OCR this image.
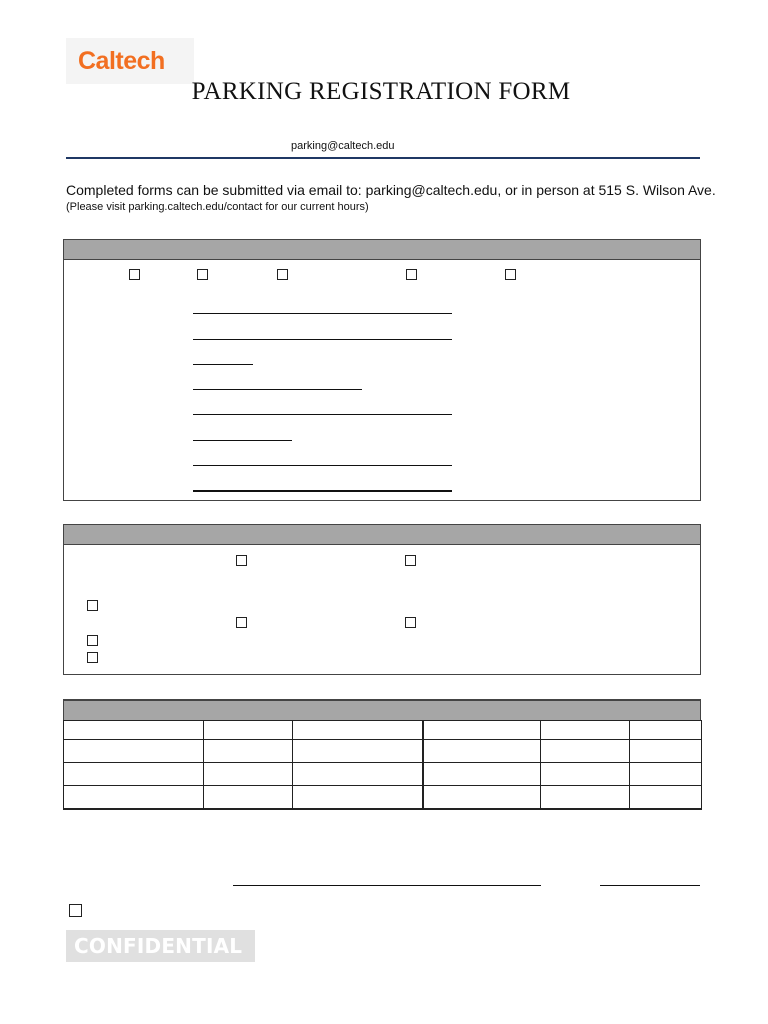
Caltech
PARKING REGISTRATION FORM
parking@caltech.edu
Completed forms can be submitted via email to: parking@caltech.edu, or in person at 515 S. Wilson Ave.
(Please visit parking.caltech.edu/contact for our current hours)

CONFIDENTIAL
